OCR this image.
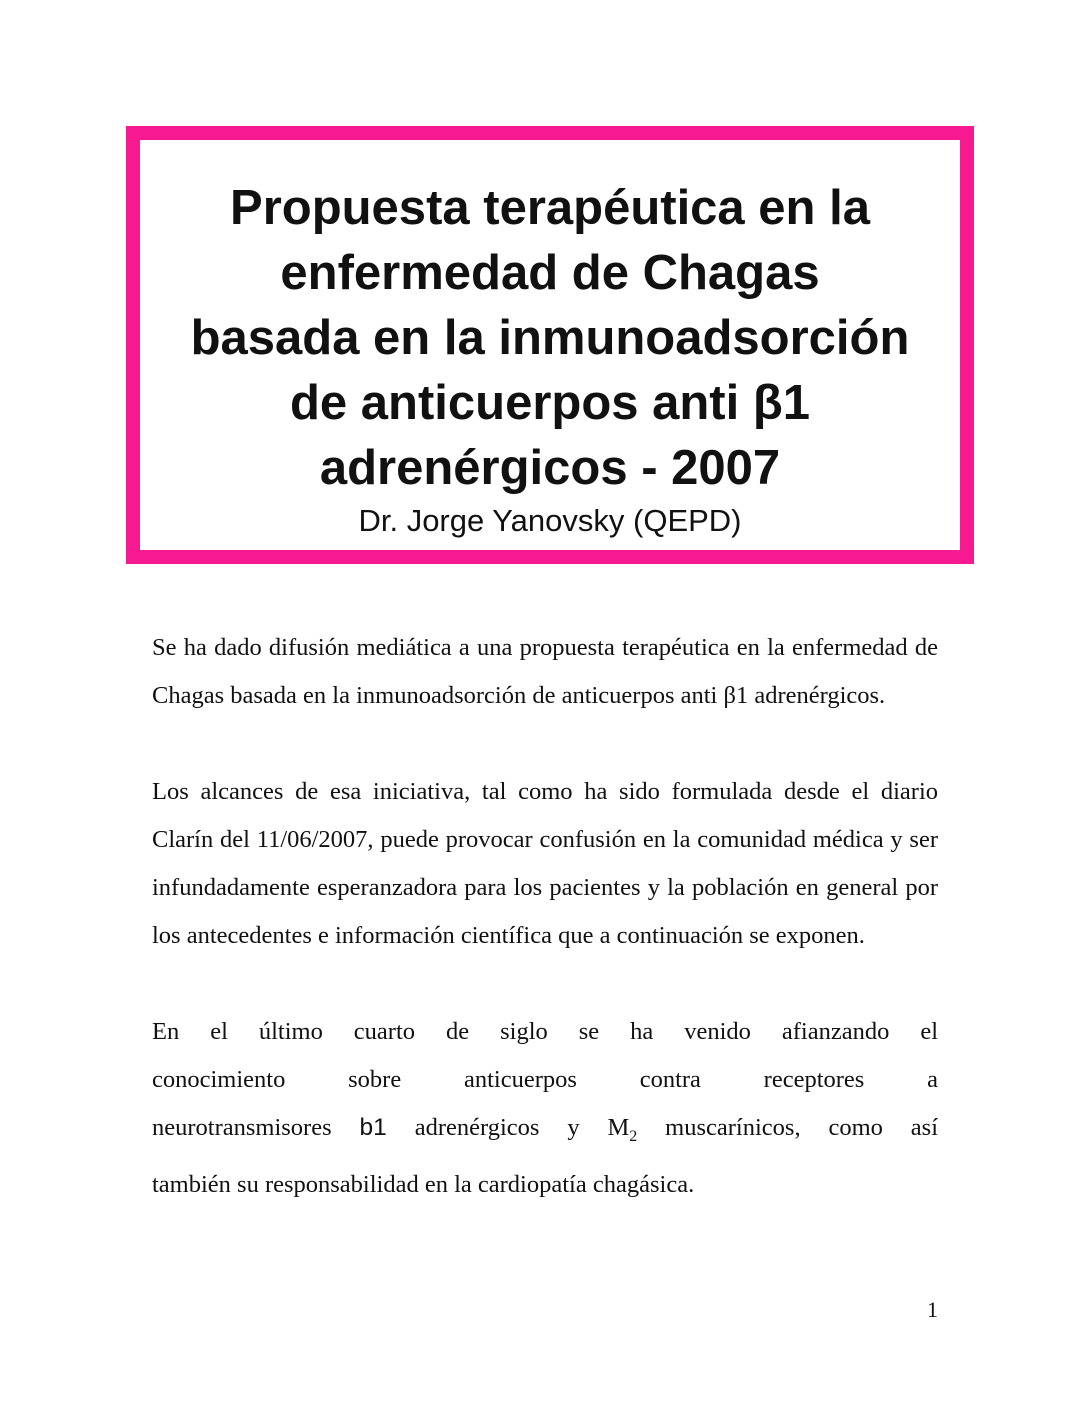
Propuesta terapéutica en la
enfermedad de Chagas
basada en la inmunoadsorción
de anticuerpos anti β1
adrenérgicos - 2007

Dr. Jorge Yanovsky (QEPD)

Se ha dado difusión mediática a una propuesta terapéutica en la enfermedad de Chagas basada en la inmunoadsorción de anticuerpos anti β1 adrenérgicos.

Los alcances de esa iniciativa, tal como ha sido formulada desde el diario Clarín del 11/06/2007, puede provocar confusión en la comunidad médica y ser infundadamente esperanzadora para los pacientes y la población en general por los antecedentes e información científica que a continuación se exponen.

En el último cuarto de siglo se ha venido afianzando el
conocimiento sobre anticuerpos contra receptores a
neurotransmisores b1 adrenérgicos y $M_2$ muscarínicos, como así
también su responsabilidad en la cardiopatía chagásica.

1
